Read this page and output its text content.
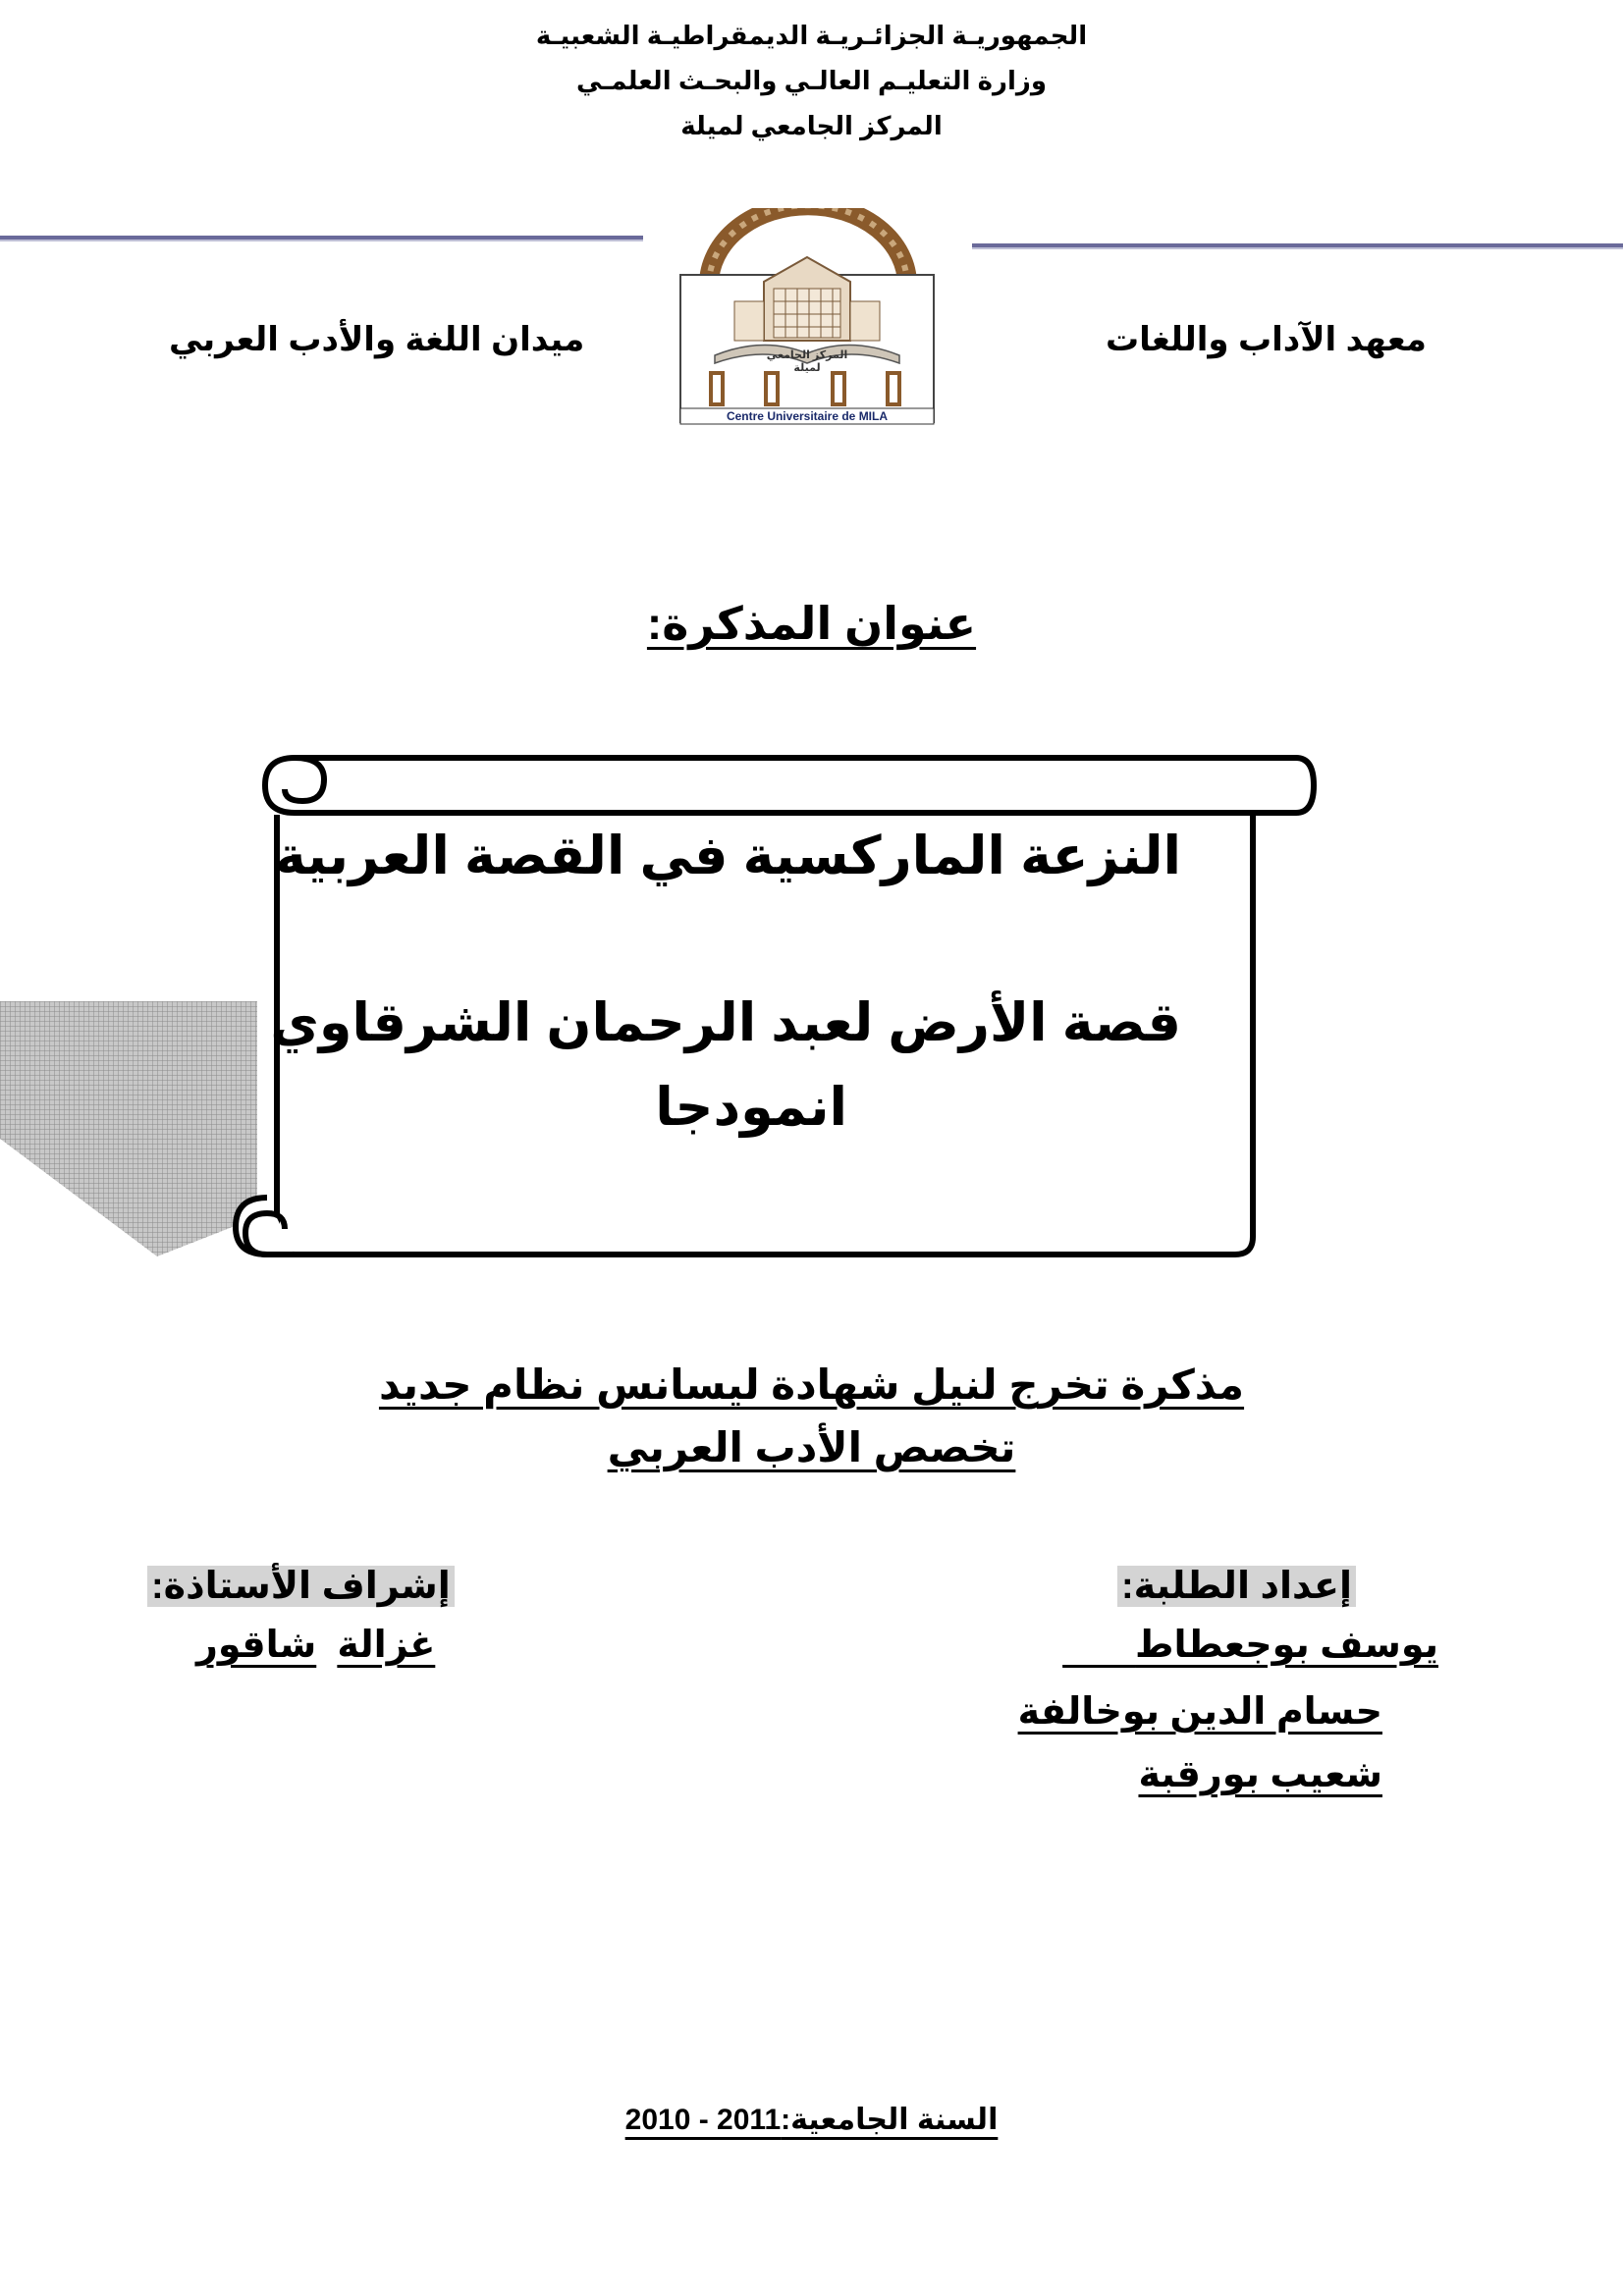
الجمهوريـة الجزائـريـة الديمقراطيـة الشعبيـة
وزارة التعليـم العالـي والبحـث العلمـي
المركز الجامعي لميلة
المركز الجامعي لميلة
Centre Universitaire de MILA
معهد الآداب واللغات
ميدان اللغة والأدب العربي
عنوان المذكرة:
النزعة الماركسية في القصة العربية
قصة الأرض لعبد الرحمان الشرقاوي
انمودجا
مذكرة تخرج لنيل شهادة ليسانس نظام جديد
تخصص الأدب العربي
إعداد الطلبة:
يوسف بوجعطاط
حسام الدين بوخالفة
شعيب بورقبة
إشراف الأستاذة:
غزالة  شاقور
السنة الجامعية:2010 - 2011
